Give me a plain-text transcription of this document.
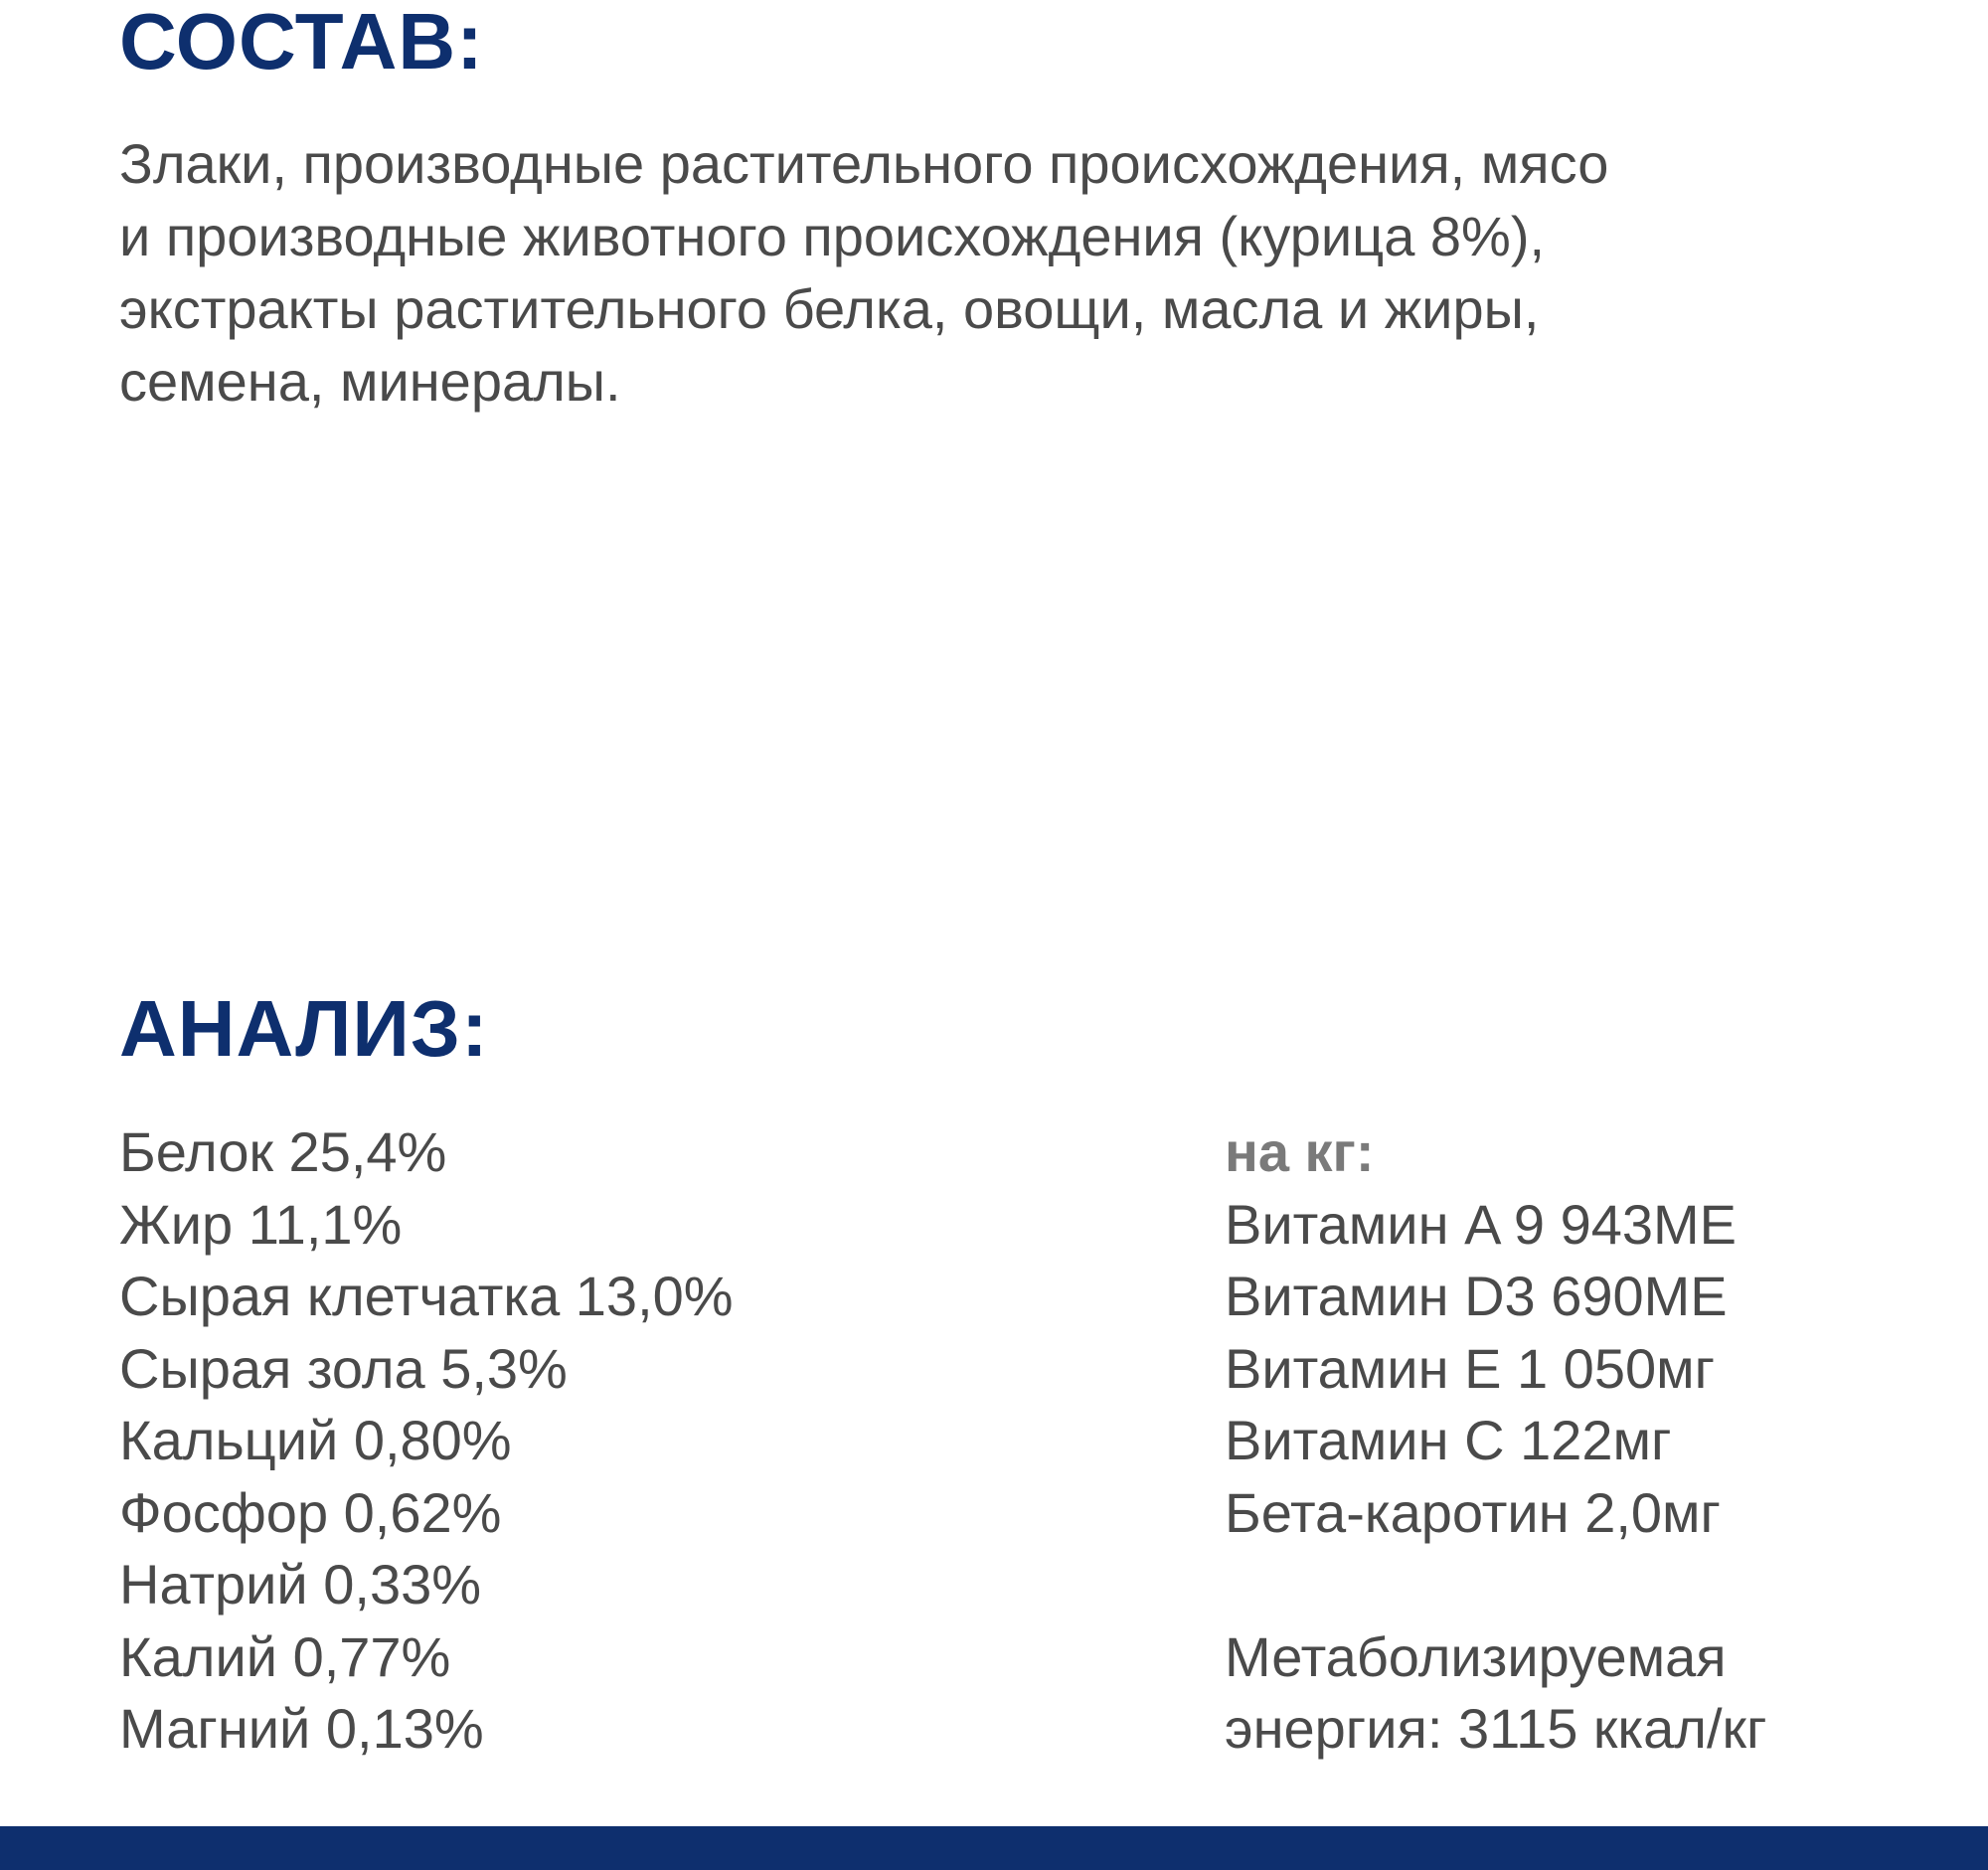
СОСТАВ:

Злаки, производные растительного происхождения, мясо
и производные животного происхождения (курица 8%),
экстракты растительного белка, овощи, масла и жиры,
семена, минералы.

АНАЛИЗ:
Белок 25,4%
Жир 11,1%
Сырая клетчатка 13,0%
Сырая зола 5,3%
Кальций 0,80%
Фосфор 0,62%
Натрий 0,33%
Калий 0,77%
Магний 0,13%
на кг:
Витамин A 9 943МЕ
Витамин D3 690МЕ
Витамин E 1 050мг
Витамин C 122мг
Бета-каротин 2,0мг
Метаболизируемая
энергия: 3115 ккал/кг
